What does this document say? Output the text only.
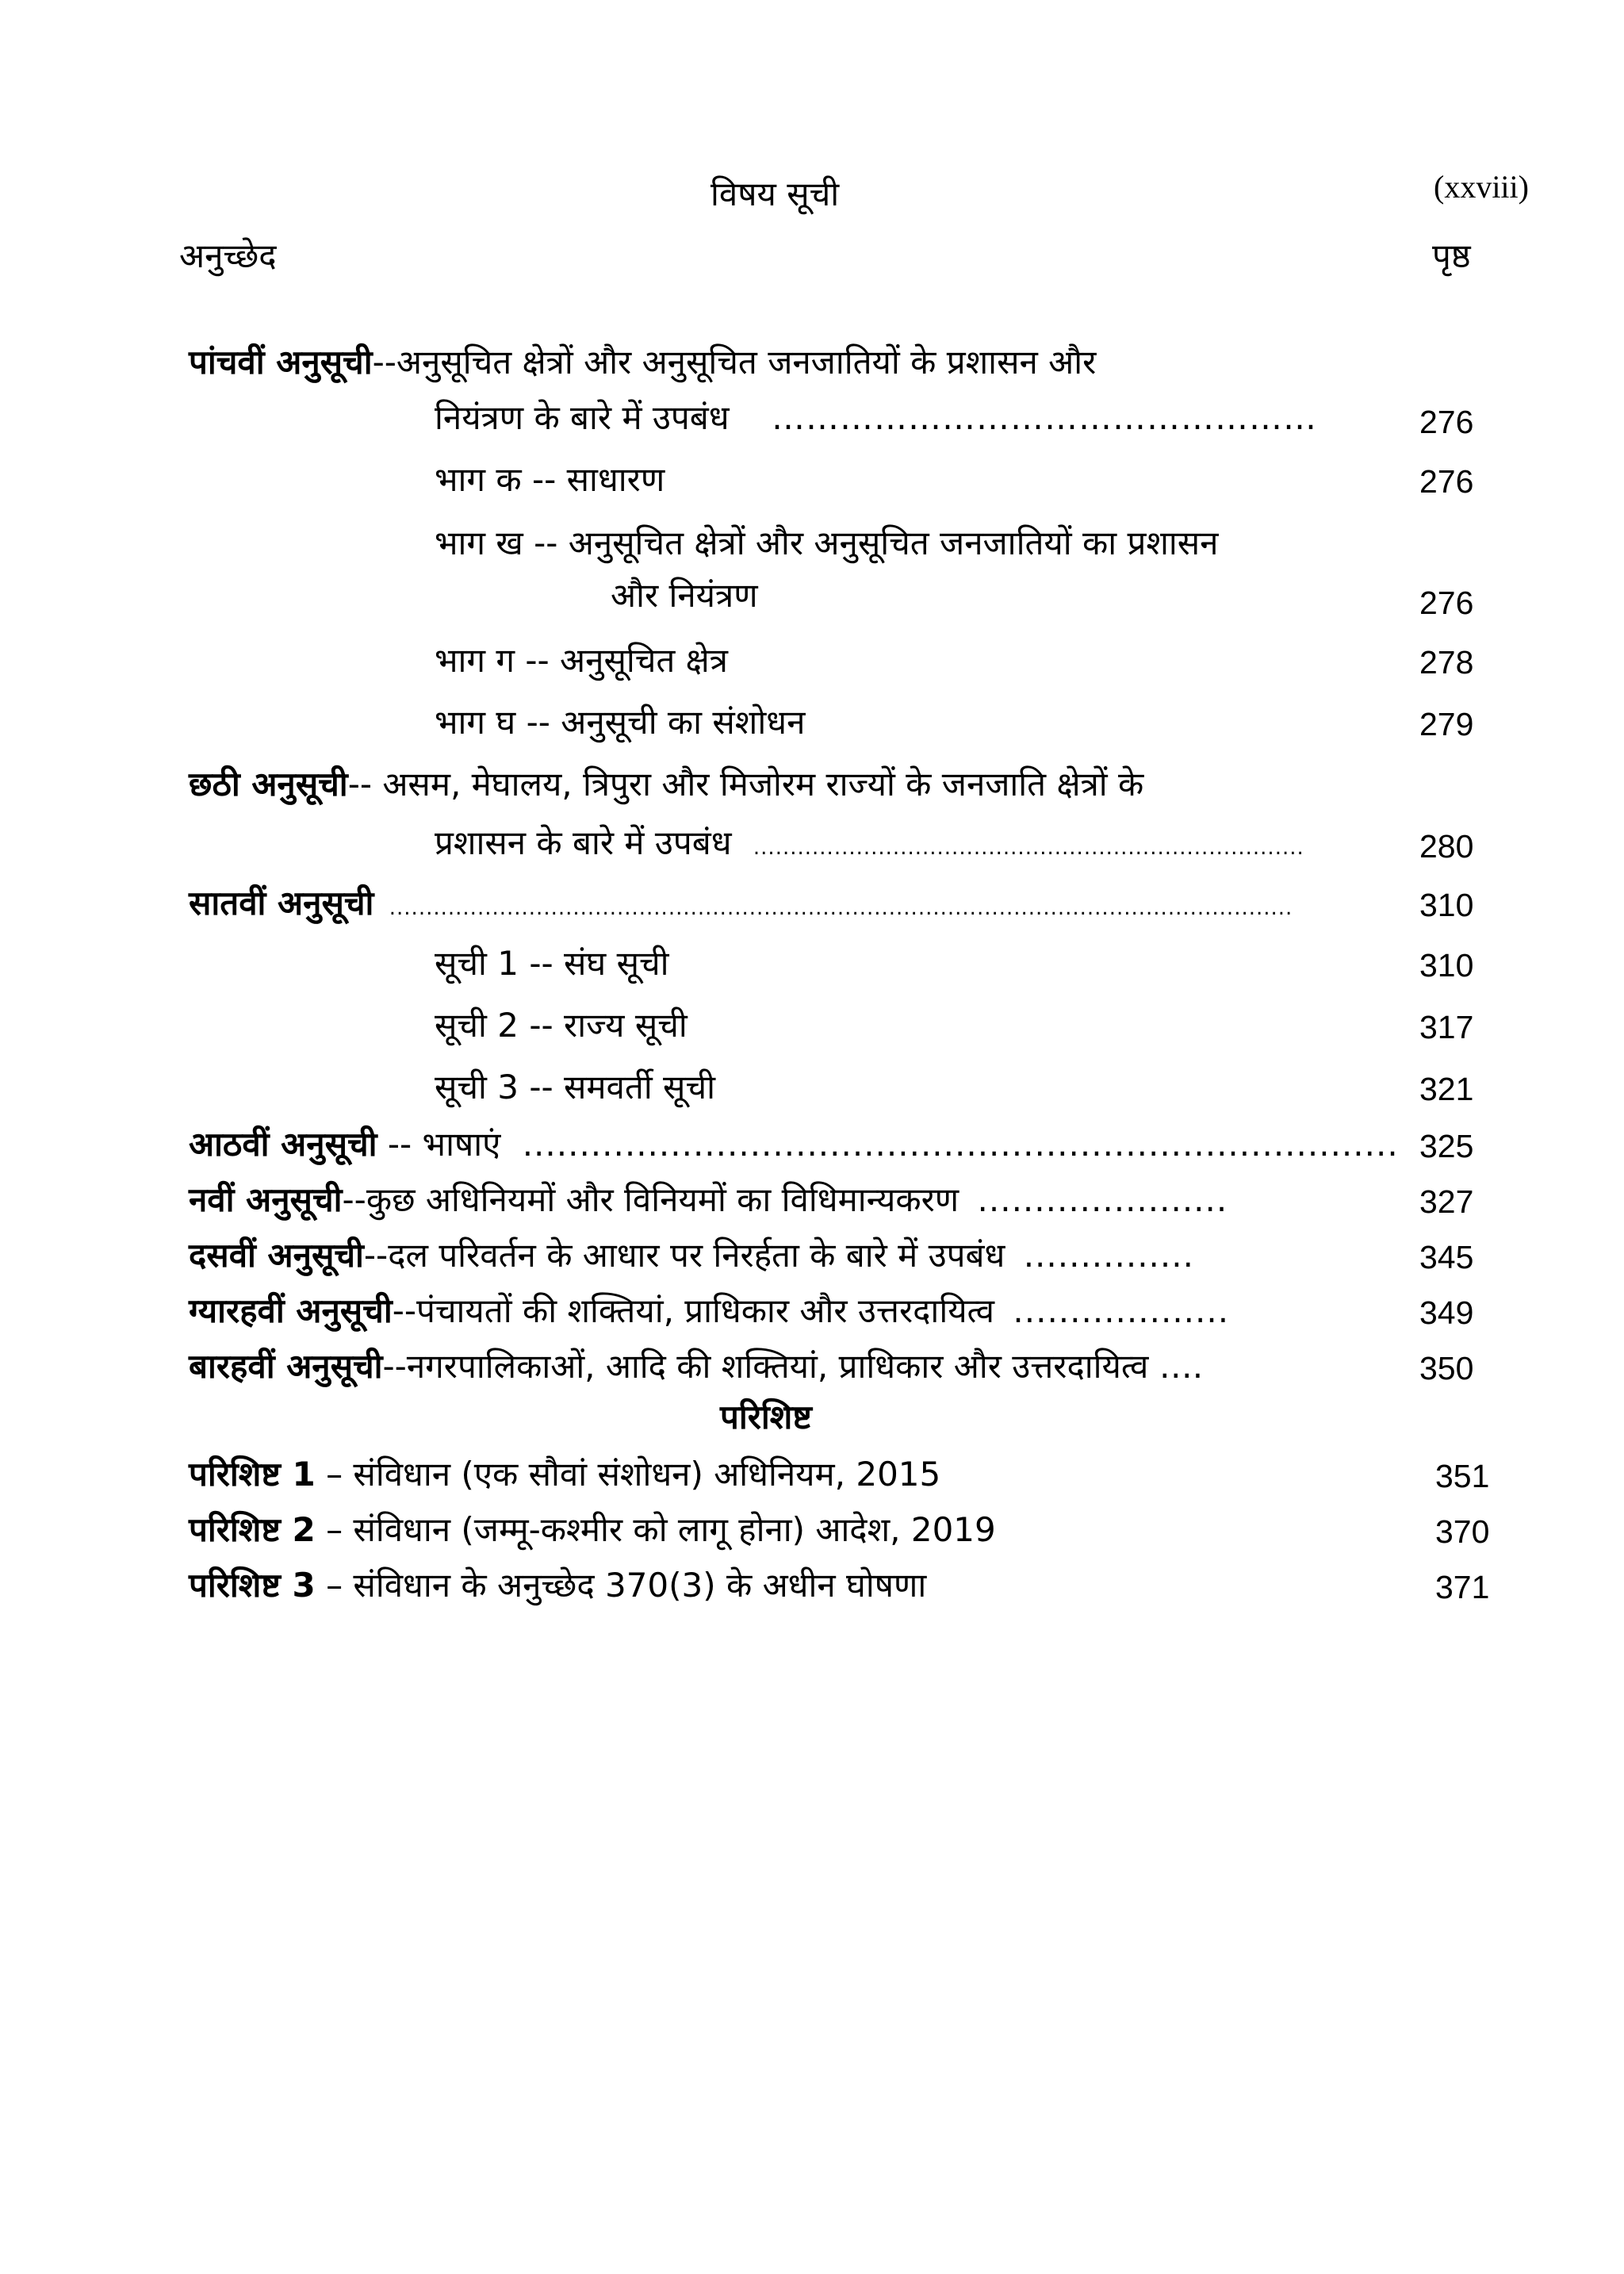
विषय सूची	(xxviii)
अनुच्छेद	पृष्ठ
पांचवीं अनुसूची--अनुसूचित क्षेत्रों और अनुसूचित जनजातियों के प्रशासन और
नियंत्रण के बारे में उपबंध …………………………………………	276
भाग क -- साधारण	276
भाग ख -- अनुसूचित क्षेत्रों और अनुसूचित जनजातियों का प्रशासन
और नियंत्रण	276
भाग ग -- अनुसूचित क्षेत्र	278
भाग घ -- अनुसूची का संशोधन	279
छठी अनुसूची-- असम, मेघालय, त्रिपुरा और मिजोरम राज्यों के जनजाति क्षेत्रों के
प्रशासन के बारे में उपबंध ...........................................................................	280
सातवीं अनुसूची ...........................................................................................................................	310
सूची 1 -- संघ सूची	310
सूची 2 -- राज्य सूची	317
सूची 3 -- समवर्ती सूची	321
आठवीं अनुसूची -- भाषाएं ............................................................................. 325
नवीं अनुसूची--कुछ अधिनियमों और विनियमों का विधिमान्यकरण ......................	327
दसवीं अनुसूची--दल परिवर्तन के आधार पर निरर्हता के बारे में उपबंध ...............	345
ग्यारहवीं अनुसूची--पंचायतों की शक्तियां, प्राधिकार और उत्तरदायित्व ...................	349
बारहवीं अनुसूची--नगरपालिकाओं, आदि की शक्तियां, प्राधिकार और उत्तरदायित्व ….	350
परिशिष्ट
परिशिष्ट 1 – संविधान (एक सौवां संशोधन) अधिनियम, 2015	351
परिशिष्ट 2 – संविधान (जम्मू-कश्मीर को लागू होना) आदेश, 2019	370
परिशिष्ट 3 – संविधान के अनुच्छेद 370(3) के अधीन घोषणा	371
